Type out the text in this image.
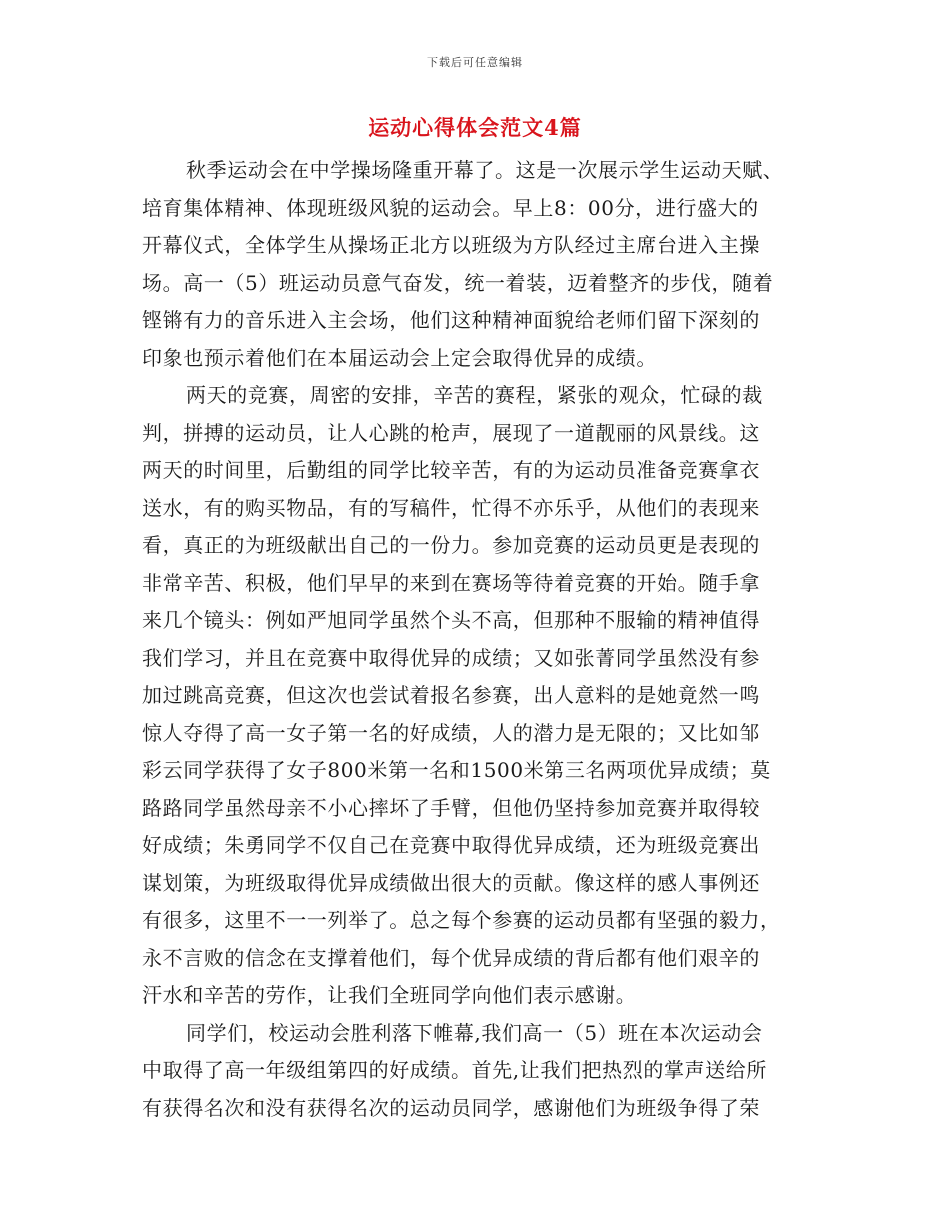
下载后可任意编辑
运动心得体会范文4篇
秋季运动会在中学操场隆重开幕了。这是一次展示学生运动天赋、
培育集体精神、体现班级风貌的运动会。早上8：00分，进行盛大的
开幕仪式，全体学生从操场正北方以班级为方队经过主席台进入主操
场。高一（5）班运动员意气奋发，统一着装，迈着整齐的步伐，随着
铿锵有力的音乐进入主会场，他们这种精神面貌给老师们留下深刻的
印象也预示着他们在本届运动会上定会取得优异的成绩。
两天的竞赛，周密的安排，辛苦的赛程，紧张的观众，忙碌的裁
判，拼搏的运动员，让人心跳的枪声，展现了一道靓丽的风景线。这
两天的时间里，后勤组的同学比较辛苦，有的为运动员准备竞赛拿衣
送水，有的购买物品，有的写稿件，忙得不亦乐乎，从他们的表现来
看，真正的为班级献出自己的一份力。参加竞赛的运动员更是表现的
非常辛苦、积极，他们早早的来到在赛场等待着竞赛的开始。随手拿
来几个镜头：例如严旭同学虽然个头不高，但那种不服输的精神值得
我们学习，并且在竞赛中取得优异的成绩；又如张菁同学虽然没有参
加过跳高竞赛，但这次也尝试着报名参赛，出人意料的是她竟然一鸣
惊人夺得了高一女子第一名的好成绩，人的潜力是无限的；又比如邹
彩云同学获得了女子800米第一名和1500米第三名两项优异成绩；莫
路路同学虽然母亲不小心摔坏了手臂，但他仍坚持参加竞赛并取得较
好成绩；朱勇同学不仅自己在竞赛中取得优异成绩，还为班级竞赛出
谋划策，为班级取得优异成绩做出很大的贡献。像这样的感人事例还
有很多，这里不一一列举了。总之每个参赛的运动员都有坚强的毅力，
永不言败的信念在支撑着他们，每个优异成绩的背后都有他们艰辛的
汗水和辛苦的劳作，让我们全班同学向他们表示感谢。
同学们，校运动会胜利落下帷幕,我们高一（5）班在本次运动会
中取得了高一年级组第四的好成绩。首先,让我们把热烈的掌声送给所
有获得名次和没有获得名次的运动员同学，感谢他们为班级争得了荣
